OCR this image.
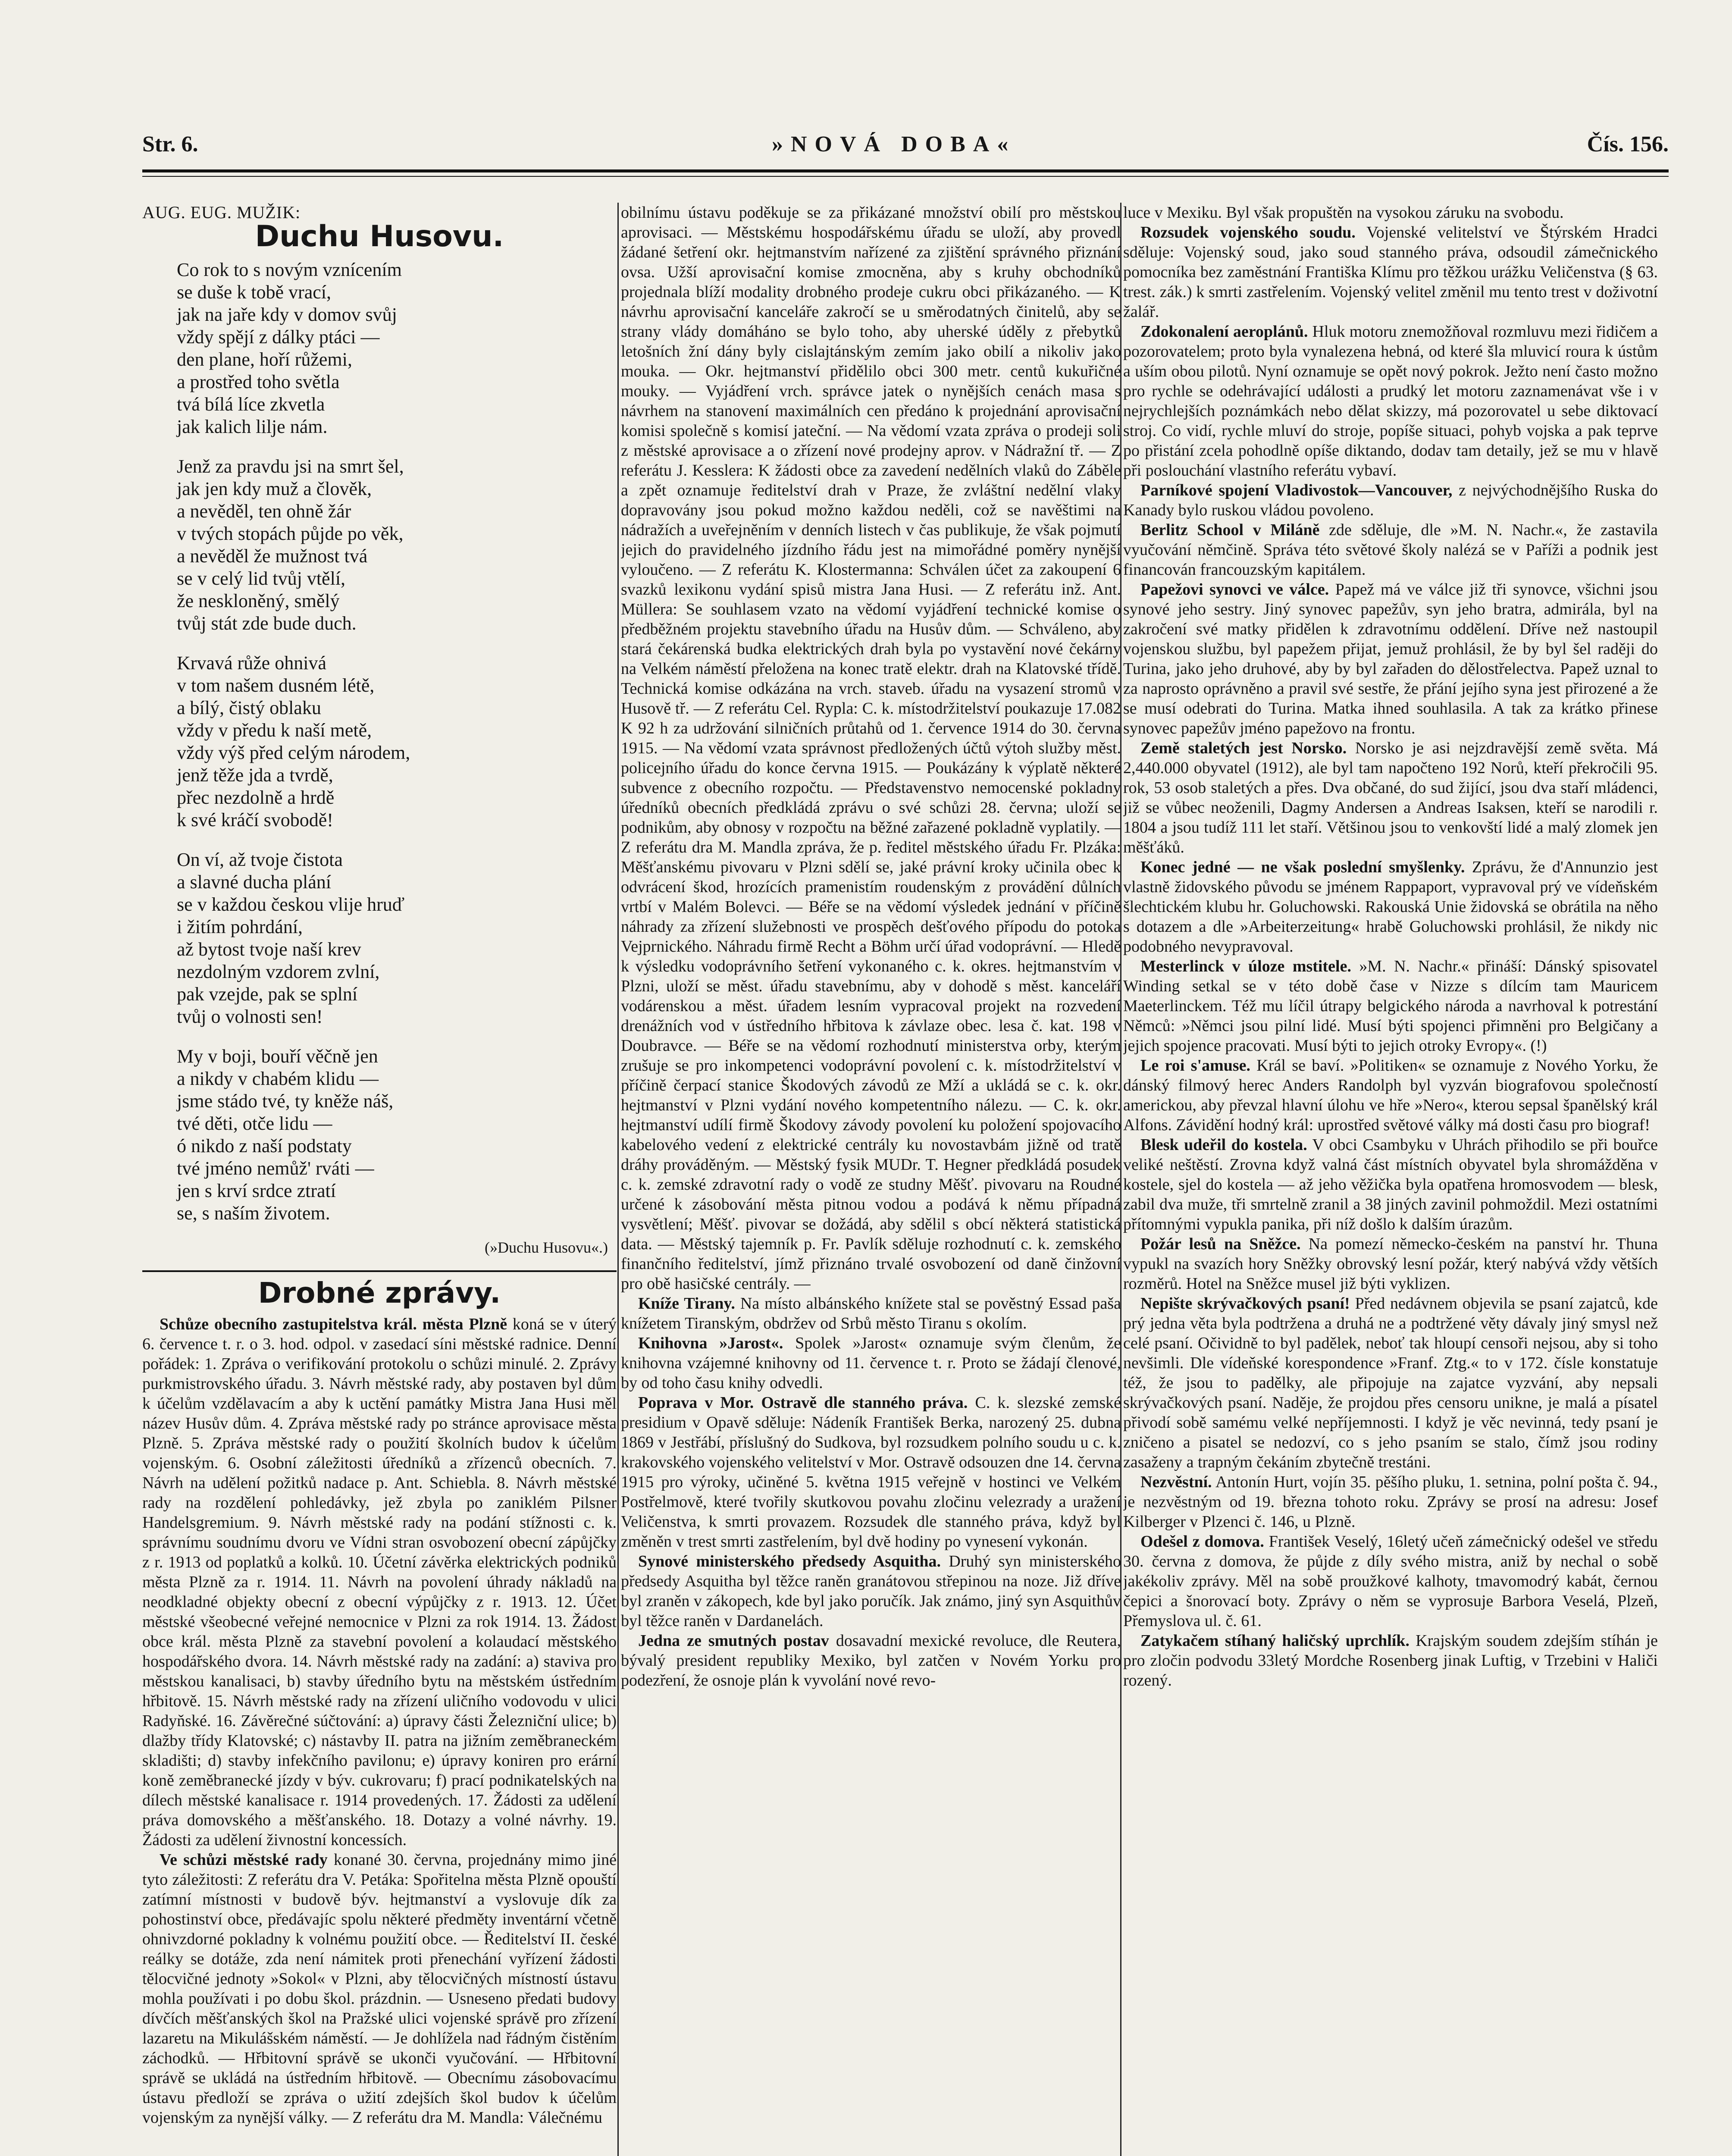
Str. 6.	»NOVÁ DOBA«	Čís. 156.
AUG. EUG. MUŽIK:
Duchu Husovu.
Co rok to s novým vznícením
se duše k tobě vrací,
jak na jaře kdy v domov svůj
vždy spějí z dálky ptáci —
den plane, hoří růžemi,
a prostřed toho světla
tvá bílá líce zkvetla
jak kalich lilje nám.
Jenž za pravdu jsi na smrt šel,
jak jen kdy muž a člověk,
a nevěděl, ten ohně žár
v tvých stopách půjde po věk,
a nevěděl že mužnost tvá
se v celý lid tvůj vtělí,
že neskloněný, smělý
tvůj stát zde bude duch.
Krvavá růže ohnivá
v tom našem dusném létě,
a bílý, čistý oblaku
vždy v předu k naší metě,
vždy výš před celým národem,
jenž těže jda a tvrdě,
přec nezdolně a hrdě
k své kráčí svobodě!
On ví, až tvoje čistota
a slavné ducha plání
se v každou českou vlije hruď
i žitím pohrdání,
až bytost tvoje naší krev
nezdolným vzdorem zvlní,
pak vzejde, pak se splní
tvůj o volnosti sen!
My v boji, bouří věčně jen
a nikdy v chabém klidu —
jsme stádo tvé, ty kněže náš,
tvé děti, otče lidu —
ó nikdo z naší podstaty
tvé jméno nemůž' rváti —
jen s krví srdce ztratí
se, s naším životem.
(»Duchu Husovu«.)
Drobné zprávy.

Schůze obecního zastupitelstva král. města Plzně koná se v úterý 6. července t. r. o 3. hod. odpol. v zasedací síni městské radnice. Denní pořádek: 1. Zpráva o verifikování protokolu o schůzi minulé. 2. Zprávy purkmistrovského úřadu. 3. Návrh městské rady, aby postaven byl dům k účelům vzdělavacím a aby k uctění památky Mistra Jana Husi měl název Husův dům. 4. Zpráva městské rady po stránce aprovisace města Plzně. 5. Zpráva městské rady o použití školních budov k účelům vojenským. 6. Osobní záležitosti úředníků a zřízenců obecních. 7. Návrh na udělení požitků nadace p. Ant. Schiebla. 8. Návrh městské rady na rozdělení pohledávky, jež zbyla po zaniklém Pilsner Handelsgremium. 9. Návrh městské rady na podání stížnosti c. k. správnímu soudnímu dvoru ve Vídni stran osvobození obecní zápůjčky z r. 1913 od poplatků a kolků. 10. Účetní závěrka elektrických podniků města Plzně za r. 1914. 11. Návrh na povolení úhrady nákladů na neodkladné objekty obecní z obecní výpůjčky z r. 1913. 12. Účet městské všeobecné veřejné nemocnice v Plzni za rok 1914. 13. Žádost obce král. města Plzně za stavební povolení a kolaudací městského hospodářského dvora. 14. Návrh městské rady na zadání: a) staviva pro městskou kanalisaci, b) stavby úředního bytu na městském ústředním hřbitově. 15. Návrh městské rady na zřízení uličního vodovodu v ulici Radyňské. 16. Závěrečné súčtování: a) úpravy části Železniční ulice; b) dlažby třídy Klatovské; c) nástavby II. patra na jižním zeměbraneckém skladišti; d) stavby infekčního pavilonu; e) úpravy koniren pro erární koně zeměbranecké jízdy v býv. cukrovaru; f) prací podnikatelských na dílech městské kanalisace r. 1914 provedených. 17. Žádosti za udělení práva domovského a měšťanského. 18. Dotazy a volné návrhy. 19. Žádosti za udělení živnostní koncessích.

Ve schůzi městské rady konané 30. června, projednány mimo jiné tyto záležitosti: Z referátu dra V. Petáka: Spořitelna města Plzně opouští zatímní místnosti v budově býv. hejtmanství a vyslovuje dík za pohostinství obce, předávajíc spolu některé předměty inventární včetně ohnivzdorné pokladny k volnému použití obce. — Ředitelství II. české reálky se dotáže, zda není námitek proti přenechání vyřízení žádosti tělocvičné jednoty »Sokol« v Plzni, aby tělocvičných místností ústavu mohla používati i po dobu škol. prázdnin. — Usneseno předati budovy dívčích měšťanských škol na Pražské ulici vojenské správě pro zřízení lazaretu na Mikulášském náměstí. — Je dohlížela nad řádným čistěním záchodků. — Hřbitovní správě se ukonči vyučování. — Hřbitovní správě se ukládá na ústředním hřbitově. — Obecnímu zásobovacímu ústavu předloží se zpráva o užití zdejších škol budov k účelům vojenským za nynější války. — Z referátu dra M. Mandla: Válečnému

obilnímu ústavu poděkuje se za přikázané množství obilí pro městskou aprovisaci. — Městskému hospodářskému úřadu se uloží, aby provedl žádané šetření okr. hejtmanstvím nařízené za zjištění správného přiznání ovsa. Užší aprovisační komise zmocněna, aby s kruhy obchodníků projednala blíží modality drobného prodeje cukru obci přikázaného. — K návrhu aprovisační kanceláře zakročí se u směrodatných činitelů, aby se strany vlády domáháno se bylo toho, aby uherské úděly z přebytků letošních žní dány byly cislajtánským zemím jako obilí a nikoliv jako mouka. — Okr. hejtmanství přidělilo obci 300 metr. centů kukuřičné mouky. — Vyjádření vrch. správce jatek o nynějších cenách masa s návrhem na stanovení maximálních cen předáno k projednání aprovisační komisi společně s komisí jateční. — Na vědomí vzata zpráva o prodeji soli z městské aprovisace a o zřízení nové prodejny aprov. v Nádražní tř. — Z referátu J. Kesslera: K žádosti obce za zavedení nedělních vlaků do Záběle a zpět oznamuje ředitelství drah v Praze, že zvláštní nedělní vlaky dopravovány jsou pokud možno každou neděli, což se navěštimi na nádražích a uveřejněním v denních listech v čas publikuje, že však pojmutí jejich do pravidelného jízdního řádu jest na mimořádné poměry nynější vyloučeno. — Z referátu K. Klostermanna: Schválen účet za zakoupení 6 svazků lexikonu vydání spisů mistra Jana Husi. — Z referátu inž. Ant. Müllera: Se souhlasem vzato na vědomí vyjádření technické komise o předběžném projektu stavebního úřadu na Husův dům. — Schváleno, aby stará čekárenská budka elektrických drah byla po vystavění nové čekárny na Velkém náměstí přeložena na konec tratě elektr. drah na Klatovské třídě. Technická komise odkázána na vrch. staveb. úřadu na vysazení stromů v Husově tř. — Z referátu Cel. Rypla: C. k. místodržitelství poukazuje 17.082 K 92 h za udržování silničních průtahů od 1. července 1914 do 30. června 1915. — Na vědomí vzata správnost předložených účtů výtoh služby měst. policejního úřadu do konce června 1915. — Poukázány k výplatě některé subvence z obecního rozpočtu. — Představenstvo nemocenské pokladny úředníků obecních předkládá zprávu o své schůzi 28. června; uloží se podnikům, aby obnosy v rozpočtu na běžné zařazené pokladně vyplatily. — Z referátu dra M. Mandla zpráva, že p. ředitel městského úřadu Fr. Plzáka: Měšťanskému pivovaru v Plzni sdělí se, jaké právní kroky učinila obec k odvrácení škod, hrozících pramenistím roudenským z provádění důlních vrtbí v Malém Bolevci. — Béře se na vědomí výsledek jednání v příčině náhrady za zřízení služebnosti ve prospěch dešťového přípodu do potoka Vejprnického. Náhradu firmě Recht a Böhm určí úřad vodoprávní. — Hledě k výsledku vodoprávního šetření vykonaného c. k. okres. hejtmanstvím v Plzni, uloží se měst. úřadu stavebnímu, aby v dohodě s měst. kanceláří vodárenskou a měst. úřadem lesním vypracoval projekt na rozvedení drenážních vod v ústředního hřbitova k závlaze obec. lesa č. kat. 198 v Doubravce. — Béře se na vědomí rozhodnutí ministerstva orby, kterým zrušuje se pro inkompetenci vodoprávní povolení c. k. místodržitelství v příčině čerpací stanice Škodových závodů ze Mží a ukládá se c. k. okr. hejtmanství v Plzni vydání nového kompetentního nálezu. — C. k. okr. hejtmanství udílí firmě Škodovy závody povolení ku položení spojovacího kabelového vedení z elektrické centrály ku novostavbám jižně od tratě dráhy prováděným. — Městský fysik MUDr. T. Hegner předkládá posudek c. k. zemské zdravotní rady o vodě ze studny Měšť. pivovaru na Roudné určené k zásobování města pitnou vodou a podává k němu případná vysvětlení; Měšť. pivovar se dožádá, aby sdělil s obcí některá statistická data. — Městský tajemník p. Fr. Pavlík sděluje rozhodnutí c. k. zemského finančního ředitelství, jímž přiznáno trvalé osvobození od daně činžovní pro obě hasičské centrály. —

Kníže Tirany. Na místo albánského knížete stal se pověstný Essad paša knížetem Tiranským, obdržev od Srbů město Tiranu s okolím.

Knihovna »Jarost«. Spolek »Jarost« oznamuje svým členům, že knihovna vzájemné knihovny od 11. července t. r. Proto se žádají členové, by od toho času knihy odvedli.

Poprava v Mor. Ostravě dle stanného práva. C. k. slezské zemské presidium v Opavě sděluje: Nádeník František Berka, narozený 25. dubna 1869 v Jestřábí, příslušný do Sudkova, byl rozsudkem polního soudu u c. k. krakovského vojenského velitelství v Mor. Ostravě odsouzen dne 14. června 1915 pro výroky, učiněné 5. května 1915 veřejně v hostinci ve Velkém Postřelmově, které tvořily skutkovou povahu zločinu velezrady a uražení Veličenstva, k smrti provazem. Rozsudek dle stanného práva, když byl změněn v trest smrti zastřelením, byl dvě hodiny po vynesení vykonán.

Synové ministerského předsedy Asquitha. Druhý syn ministerského předsedy Asquitha byl těžce raněn granátovou střepinou na noze. Již dříve byl zraněn v zákopech, kde byl jako poručík. Jak známo, jiný syn Asquithův byl těžce raněn v Dardanelách.

Jedna ze smutných postav dosavadní mexické revoluce, dle Reutera, bývalý president republiky Mexiko, byl zatčen v Novém Yorku pro podezření, že osnoje plán k vyvolání nové revo-

luce v Mexiku. Byl však propuštěn na vysokou záruku na svobodu.

Rozsudek vojenského soudu. Vojenské velitelství ve Štýrském Hradci sděluje: Vojenský soud, jako soud stanného práva, odsoudil zámečnického pomocníka bez zaměstnání Františka Klímu pro těžkou urážku Veličenstva (§ 63. trest. zák.) k smrti zastřelením. Vojenský velitel změnil mu tento trest v doživotní žalář.

Zdokonalení aeroplánů. Hluk motoru znemožňoval rozmluvu mezi řidičem a pozorovatelem; proto byla vynalezena hebná, od které šla mluvicí roura k ústům a uším obou pilotů. Nyní oznamuje se opět nový pokrok. Ježto není často možno pro rychle se odehrávající události a prudký let motoru zaznamenávat vše i v nejrychlejších poznámkách nebo dělat skizzy, má pozorovatel u sebe diktovací stroj. Co vidí, rychle mluví do stroje, popíše situaci, pohyb vojska a pak teprve po přistání zcela pohodlně opíše diktando, dodav tam detaily, jež se mu v hlavě při poslouchání vlastního referátu vybaví.

Parníkové spojení Vladivostok—Vancouver, z nejvýchodnějšího Ruska do Kanady bylo ruskou vládou povoleno.

Berlitz School v Miláně zde sděluje, dle »M. N. Nachr.«, že zastavila vyučování němčině. Správa této světové školy nalézá se v Paříži a podnik jest financován francouzským kapitálem.

Papežovi synovci ve válce. Papež má ve válce již tři synovce, všichni jsou synové jeho sestry. Jiný synovec papežův, syn jeho bratra, admirála, byl na zakročení své matky přidělen k zdravotnímu oddělení. Dříve než nastoupil vojenskou službu, byl papežem přijat, jemuž prohlásil, že by byl šel raději do Turina, jako jeho druhové, aby by byl zařaden do dělostřelectva. Papež uznal to za naprosto oprávněno a pravil své sestře, že přání jejího syna jest přirozené a že se musí odebrati do Turina. Matka ihned souhlasila. A tak za krátko přinese synovec papežův jméno papežovo na frontu.

Země staletých jest Norsko. Norsko je asi nejzdravější země světa. Má 2,440.000 obyvatel (1912), ale byl tam napočteno 192 Norů, kteří překročili 95. rok, 53 osob staletých a přes. Dva občané, do sud žijící, jsou dva staří mládenci, již se vůbec neoženili, Dagmy Andersen a Andreas Isaksen, kteří se narodili r. 1804 a jsou tudíž 111 let staří. Většinou jsou to venkovští lidé a malý zlomek jen měšťáků.

Konec jedné — ne však poslední smyšlenky. Zprávu, že d'Annunzio jest vlastně židovského původu se jménem Rappaport, vypravoval prý ve vídeňském šlechtickém klubu hr. Goluchowski. Rakouská Unie židovská se obrátila na něho s dotazem a dle »Arbeiterzeitung« hrabě Goluchowski prohlásil, že nikdy nic podobného nevypravoval.

Mesterlinck v úloze mstitele. »M. N. Nachr.« přináší: Dánský spisovatel Winding setkal se v této době čase v Nizze s dílcím tam Mauricem Maeterlinckem. Též mu líčil útrapy belgického národa a navrhoval k potrestání Němců: »Němci jsou pilní lidé. Musí býti spojenci přimněni pro Belgičany a jejich spojence pracovati. Musí býti to jejich otroky Evropy«. (!)

Le roi s'amuse. Král se baví. »Politiken« se oznamuje z Nového Yorku, že dánský filmový herec Anders Randolph byl vyzván biografovou společností americkou, aby převzal hlavní úlohu ve hře »Nero«, kterou sepsal španělský král Alfons. Závidění hodný král: uprostřed světové války má dosti času pro biograf!

Blesk udeřil do kostela. V obci Csambyku v Uhrách přihodilo se při bouřce veliké neštěstí. Zrovna když valná část místních obyvatel byla shromážděna v kostele, sjel do kostela — až jeho věžička byla opatřena hromosvodem — blesk, zabil dva muže, tři smrtelně zranil a 38 jiných zavinil pohmoždil. Mezi ostatními přítomnými vypukla panika, při níž došlo k dalším úrazům.

Požár lesů na Sněžce. Na pomezí německo-českém na panství hr. Thuna vypukl na svazích hory Sněžky obrovský lesní požár, který nabývá vždy větších rozměrů. Hotel na Sněžce musel již býti vyklizen.

Nepište skrývačkových psaní! Před nedávnem objevila se psaní zajatců, kde prý jedna věta byla podtržena a druhá ne a podtržené věty dávaly jiný smysl než celé psaní. Očividně to byl padělek, neboť tak hloupí censoři nejsou, aby si toho nevšimli. Dle vídeňské korespondence »Franf. Ztg.« to v 172. čísle konstatuje též, že jsou to padělky, ale připojuje na zajatce vyzvání, aby nepsali skrývačkových psaní. Naděje, že projdou přes censoru unikne, je malá a písatel přivodí sobě samému velké nepříjemnosti. I když je věc nevinná, tedy psaní je zničeno a pisatel se nedozví, co s jeho psaním se stalo, čímž jsou rodiny zasaženy a trapným čekáním zbytečně trestáni.

Nezvěstní. Antonín Hurt, vojín 35. pěšího pluku, 1. setnina, polní pošta č. 94., je nezvěstným od 19. března tohoto roku. Zprávy se prosí na adresu: Josef Kilberger v Plzenci č. 146, u Plzně.

Odešel z domova. František Veselý, 16letý učeň zámečnický odešel ve středu 30. června z domova, že půjde z díly svého mistra, aniž by nechal o sobě jakékoliv zprávy. Měl na sobě proužkové kalhoty, tmavomodrý kabát, černou čepici a šnorovací boty. Zprávy o něm se vyprosuje Barbora Veselá, Plzeň, Přemyslova ul. č. 61.

Zatykačem stíhaný haličský uprchlík. Krajským soudem zdejším stíhán je pro zločin podvodu 33letý Mordche Rosenberg jinak Luftig, v Trzebini v Haliči rozený.
